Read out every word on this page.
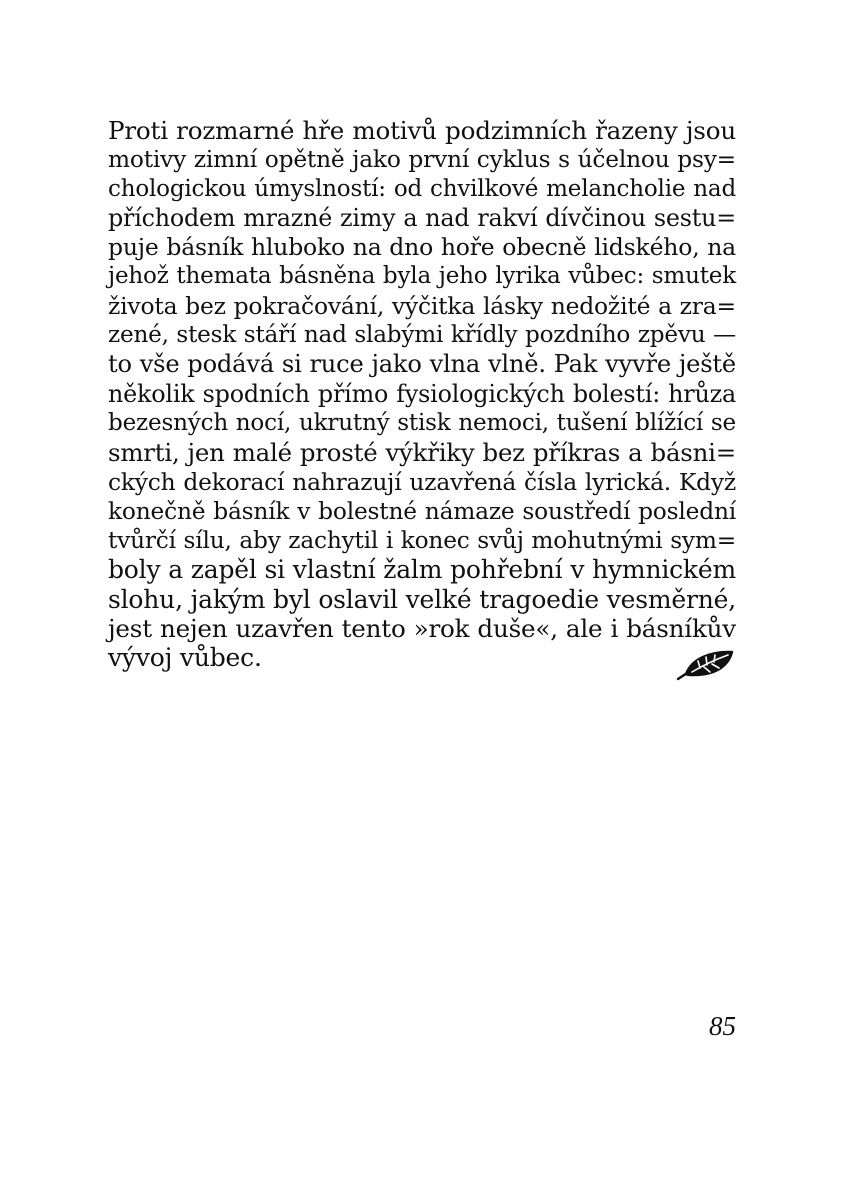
Proti rozmarné hře motivů podzimních řazeny jsou
motivy zimní opětně jako první cyklus s účelnou psy=
chologickou úmyslností: od chvilkové melancholie nad
příchodem mrazné zimy a nad rakví dívčinou sestu=
puje básník hluboko na dno hoře obecně lidského, na
jehož themata básněna byla jeho lyrika vůbec: smutek
života bez pokračování, výčitka lásky nedožité a zra=
zené, stesk stáří nad slabými křídly pozdního zpěvu —
to vše podává si ruce jako vlna vlně. Pak vyvře ještě
několik spodních přímo fysiologických bolestí: hrůza
bezesných nocí, ukrutný stisk nemoci, tušení blížící se
smrti, jen malé prosté výkřiky bez příkras a básni=
ckých dekorací nahrazují uzavřená čísla lyrická. Když
konečně básník v bolestné námaze soustředí poslední
tvůrčí sílu, aby zachytil i konec svůj mohutnými sym=
boly a zapěl si vlastní žalm pohřební v hymnickém
slohu, jakým byl oslavil velké tragoedie vesměrné,
jest nejen uzavřen tento »rok duše«, ale i básníkův
vývoj vůbec.
85
